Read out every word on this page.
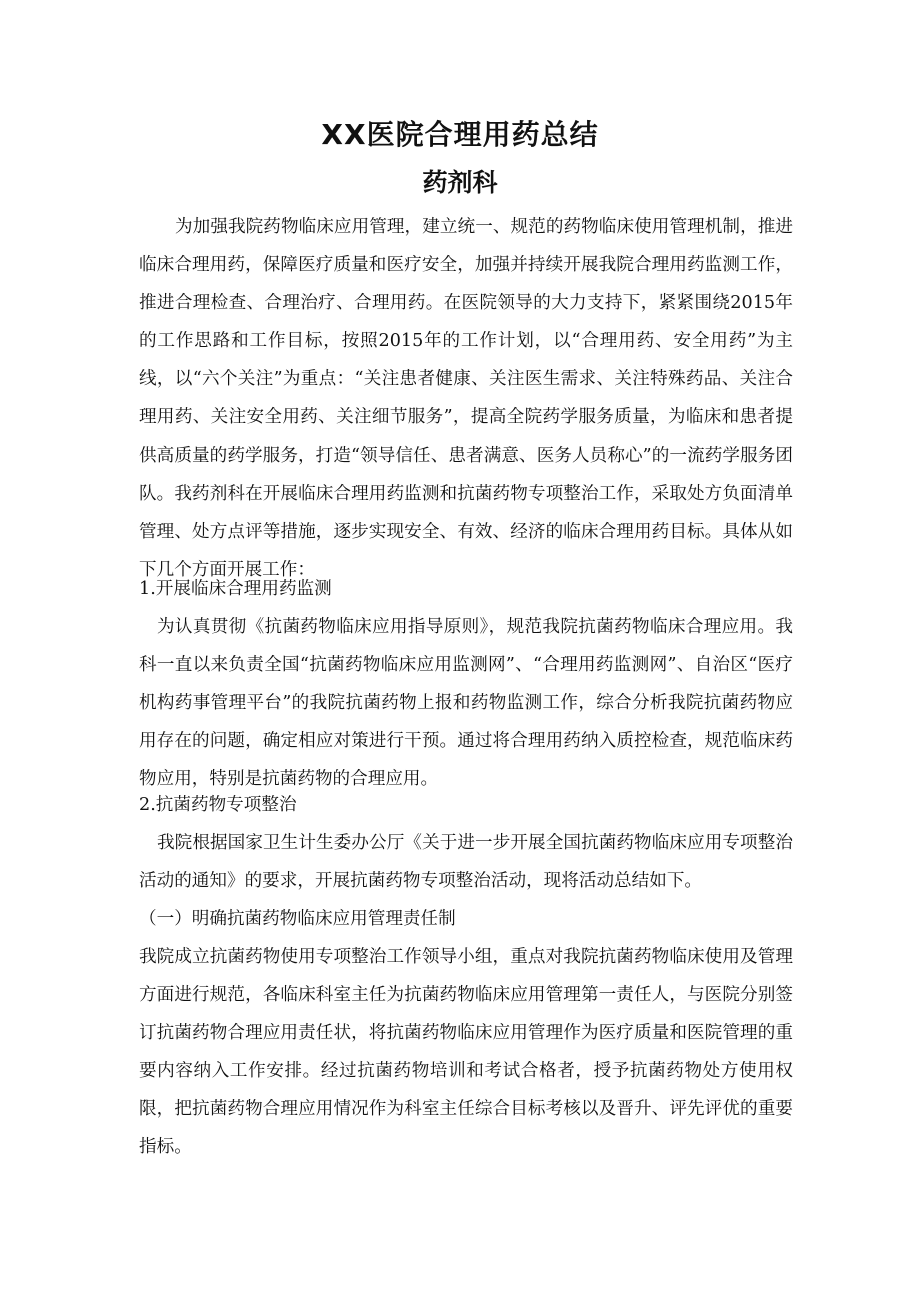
XX医院合理用药总结
药剂科

为加强我院药物临床应用管理，建立统一、规范的药物临床使用管理机制，推进临床合理用药，保障医疗质量和医疗安全，加强并持续开展我院合理用药监测工作，推进合理检查、合理治疗、合理用药。在医院领导的大力支持下，紧紧围绕2015年的工作思路和工作目标，按照2015年的工作计划，以“合理用药、安全用药”为主线，以“六个关注”为重点：“关注患者健康、关注医生需求、关注特殊药品、关注合理用药、关注安全用药、关注细节服务”，提高全院药学服务质量，为临床和患者提供高质量的药学服务，打造“领导信任、患者满意、医务人员称心”的一流药学服务团队。我药剂科在开展临床合理用药监测和抗菌药物专项整治工作，采取处方负面清单管理、处方点评等措施，逐步实现安全、有效、经济的临床合理用药目标。具体从如下几个方面开展工作：

1.开展临床合理用药监测

为认真贯彻《抗菌药物临床应用指导原则》，规范我院抗菌药物临床合理应用。我科一直以来负责全国“抗菌药物临床应用监测网”、“合理用药监测网”、自治区“医疗机构药事管理平台”的我院抗菌药物上报和药物监测工作，综合分析我院抗菌药物应用存在的问题，确定相应对策进行干预。通过将合理用药纳入质控检查，规范临床药物应用，特别是抗菌药物的合理应用。

2.抗菌药物专项整治

我院根据国家卫生计生委办公厅《关于进一步开展全国抗菌药物临床应用专项整治活动的通知》的要求，开展抗菌药物专项整治活动，现将活动总结如下。

（一）明确抗菌药物临床应用管理责任制

我院成立抗菌药物使用专项整治工作领导小组，重点对我院抗菌药物临床使用及管理方面进行规范，各临床科室主任为抗菌药物临床应用管理第一责任人，与医院分别签订抗菌药物合理应用责任状，将抗菌药物临床应用管理作为医疗质量和医院管理的重要内容纳入工作安排。经过抗菌药物培训和考试合格者，授予抗菌药物处方使用权限，把抗菌药物合理应用情况作为科室主任综合目标考核以及晋升、评先评优的重要指标。
